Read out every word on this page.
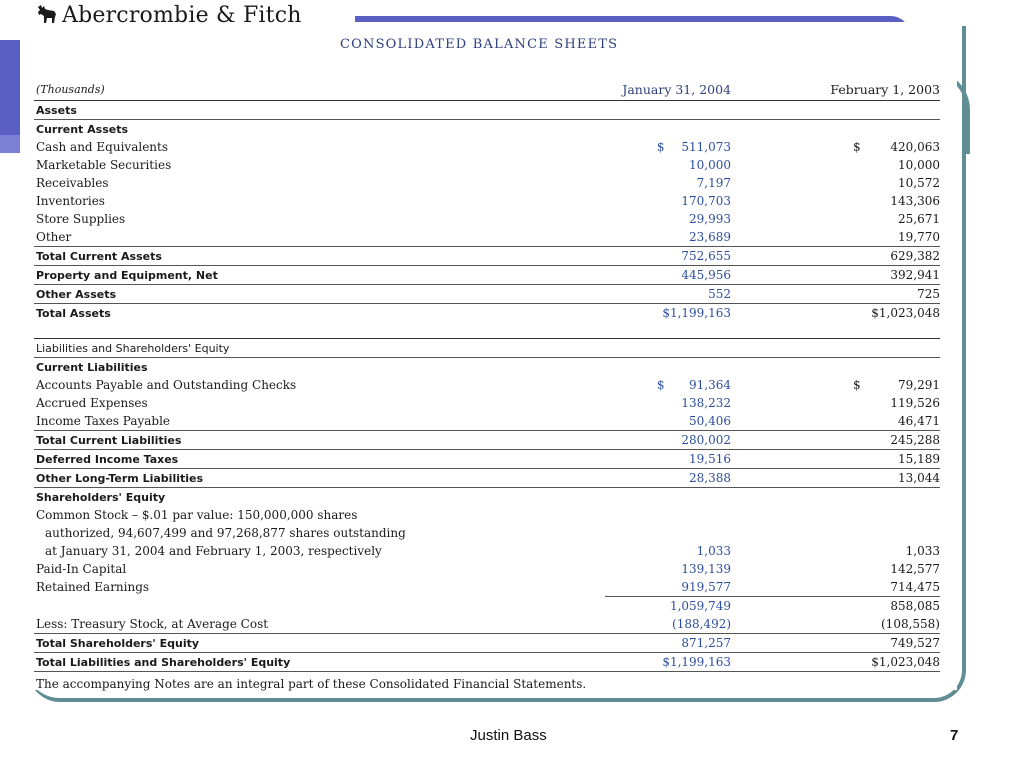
Abercrombie & Fitch
CONSOLIDATED BALANCE SHEETS
(Thousands)	January 31, 2004	February 1, 2003
Assets		
Current Assets		
Cash and Equivalents	$ 511,073	$ 420,063
Marketable Securities	10,000	10,000
Receivables	7,197	10,572
Inventories	170,703	143,306
Store Supplies	29,993	25,671
Other	23,689	19,770
Total Current Assets	752,655	629,382
Property and Equipment, Net	445,956	392,941
Other Assets	552	725
Total Assets	$1,199,163	$1,023,048

Liabilities and Shareholders' Equity		
Current Liabilities		
Accounts Payable and Outstanding Checks	$ 91,364	$ 79,291
Accrued Expenses	138,232	119,526
Income Taxes Payable	50,406	46,471
Total Current Liabilities	280,002	245,288
Deferred Income Taxes	19,516	15,189
Other Long-Term Liabilities	28,388	13,044
Shareholders' Equity		
Common Stock – $.01 par value: 150,000,000 shares		
authorized, 94,607,499 and 97,268,877 shares outstanding		
at January 31, 2004 and February 1, 2003, respectively	1,033	1,033
Paid-In Capital	139,139	142,577
Retained Earnings	919,577	714,475
	1,059,749	858,085
Less: Treasury Stock, at Average Cost	(188,492)	(108,558)
Total Shareholders' Equity	871,257	749,527
Total Liabilities and Shareholders' Equity	$1,199,163	$1,023,048
The accompanying Notes are an integral part of these Consolidated Financial Statements.		
Justin Bass	7
